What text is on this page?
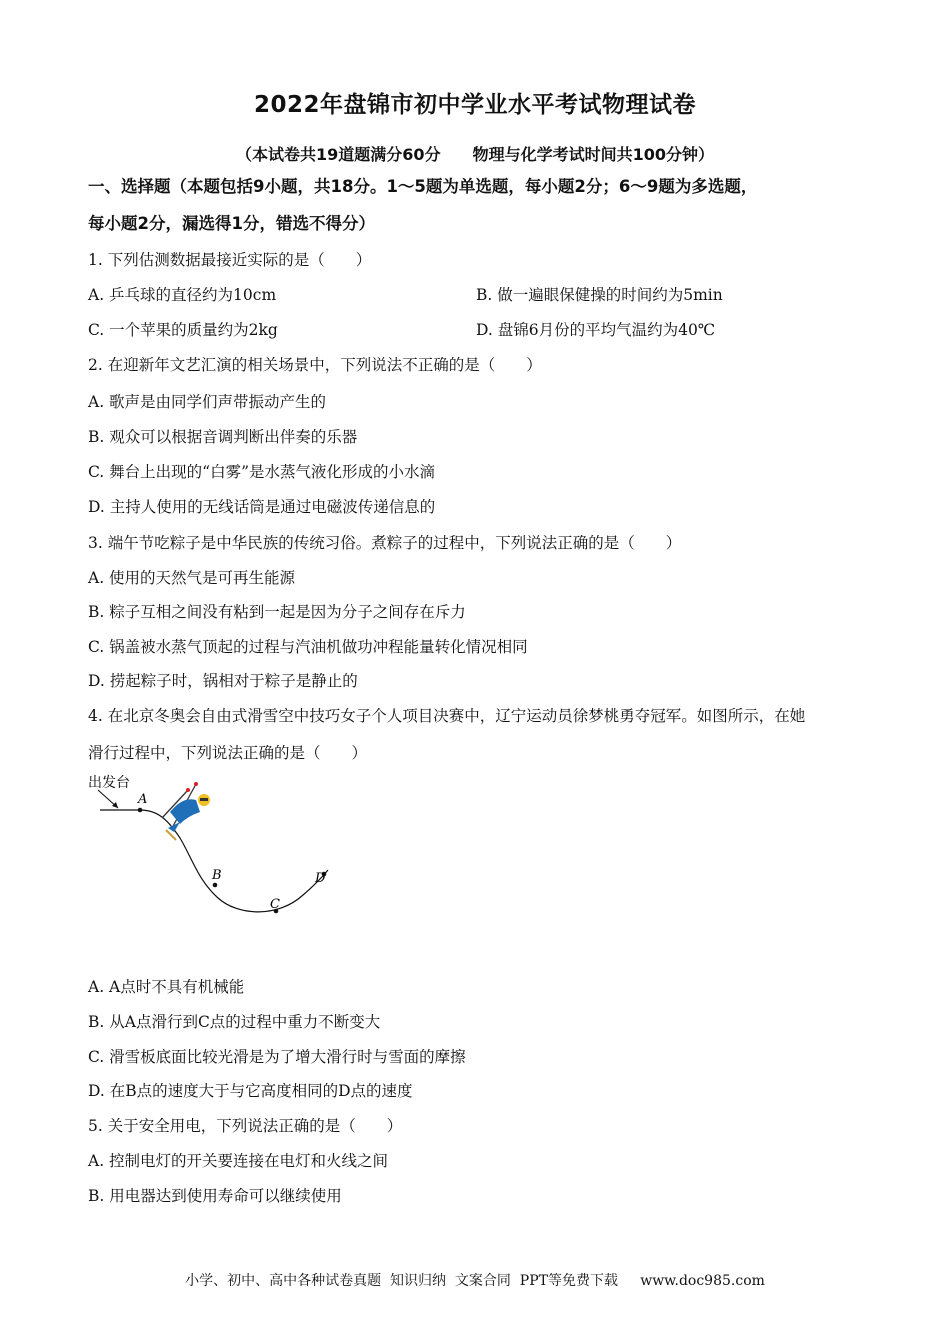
2022年盘锦市初中学业水平考试物理试卷
（本试卷共19道题满分60分　　物理与化学考试时间共100分钟）
一、选择题（本题包括9小题，共18分。1～5题为单选题，每小题2分；6～9题为多选题，
每小题2分，漏选得1分，错选不得分）
1. 下列估测数据最接近实际的是（　　）
A. 乒乓球的直径约为10cm	B. 做一遍眼保健操的时间约为5min
C. 一个苹果的质量约为2kg	D. 盘锦6月份的平均气温约为40℃
2. 在迎新年文艺汇演的相关场景中，下列说法不正确的是（　　）
A. 歌声是由同学们声带振动产生的
B. 观众可以根据音调判断出伴奏的乐器
C. 舞台上出现的“白雾”是水蒸气液化形成的小水滴
D. 主持人使用的无线话筒是通过电磁波传递信息的
3. 端午节吃粽子是中华民族的传统习俗。煮粽子的过程中，下列说法正确的是（　　）
A. 使用的天然气是可再生能源
B. 粽子互相之间没有粘到一起是因为分子之间存在斥力
C. 锅盖被水蒸气顶起的过程与汽油机做功冲程能量转化情况相同
D. 捞起粽子时，锅相对于粽子是静止的
4. 在北京冬奥会自由式滑雪空中技巧女子个人项目决赛中，辽宁运动员徐梦桃勇夺冠军。如图所示，在她
滑行过程中，下列说法正确的是（　　）
出发台
A
B
C
D
A. A点时不具有机械能
B. 从A点滑行到C点的过程中重力不断变大
C. 滑雪板底面比较光滑是为了增大滑行时与雪面的摩擦
D. 在B点的速度大于与它高度相同的D点的速度
5. 关于安全用电，下列说法正确的是（　　）
A. 控制电灯的开关要连接在电灯和火线之间
B. 用电器达到使用寿命可以继续使用
小学、初中、高中各种试卷真题  知识归纳  文案合同  PPT等免费下载     www.doc985.com
